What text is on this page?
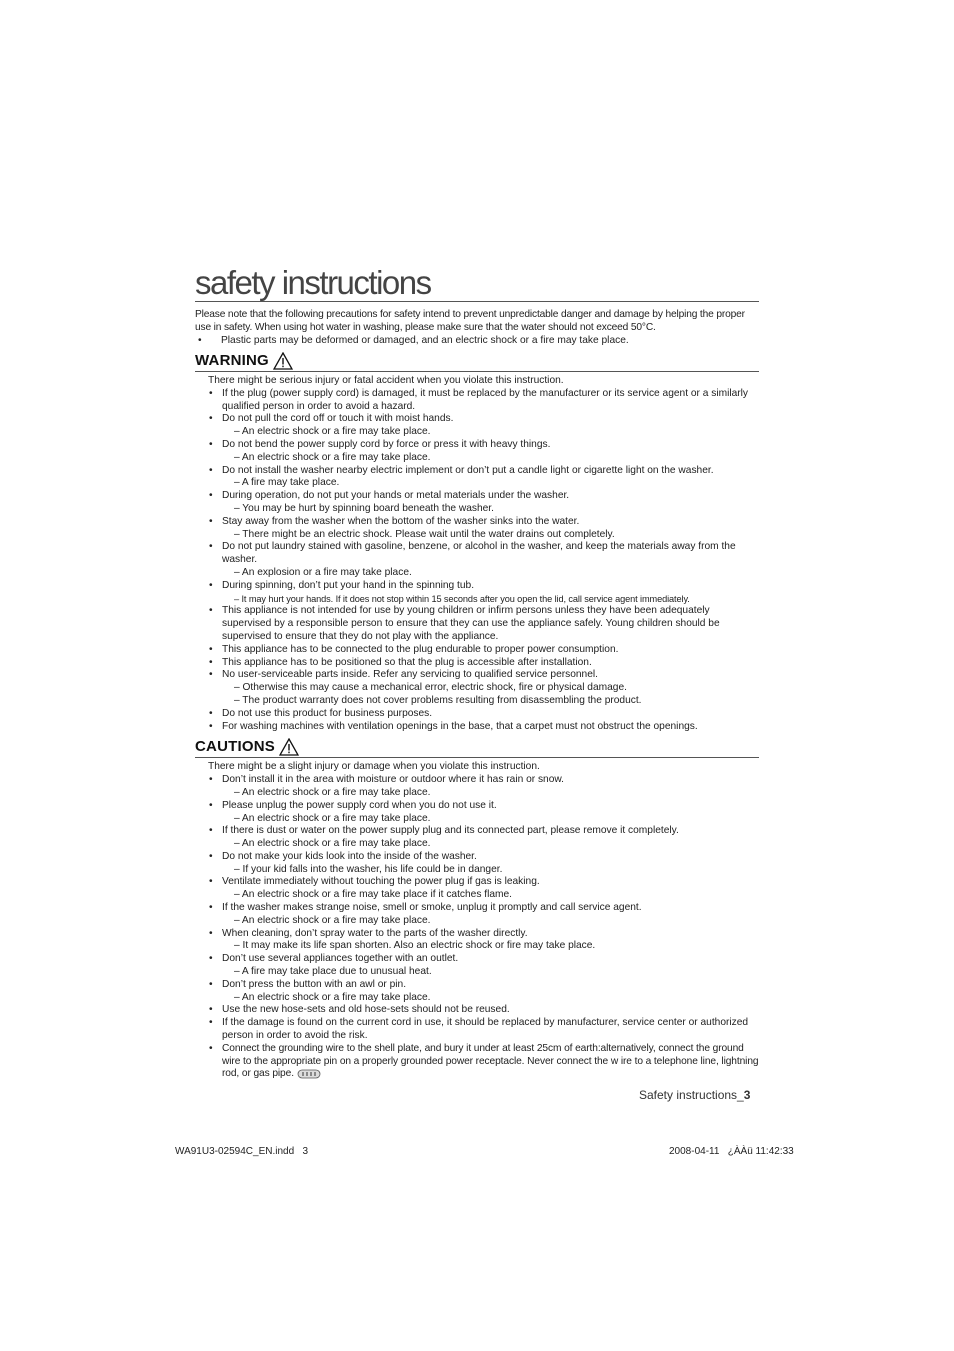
safety instructions
Please note that the following precautions for safety intend to prevent unpredictable danger and damage by helping the proper use in safety. When using hot water in washing, please make sure that the water should not exceed 50°C.
• Plastic parts may be deformed or damaged, and an electric shock or a fire may take place.
WARNING
There might be serious injury or fatal accident when you violate this instruction.
• If the plug (power supply cord) is damaged, it must be replaced by the manufacturer or its service agent or a similarly qualified person in order to avoid a hazard.
• Do not pull the cord off or touch it with moist hands.
– An electric shock or a fire may take place.
• Do not bend the power supply cord by force or press it with heavy things.
– An electric shock or a fire may take place.
• Do not install the washer nearby electric implement or don’t put a candle light or cigarette light on the washer.
– A fire may take place.
• During operation, do not put your hands or metal materials under the washer.
– You may be hurt by spinning board beneath the washer.
• Stay away from the washer when the bottom of the washer sinks into the water.
– There might be an electric shock. Please wait until the water drains out completely.
• Do not put laundry stained with gasoline, benzene, or alcohol in the washer, and keep the materials away from the washer.
– An explosion or a fire may take place.
• During spinning, don’t put your hand in the spinning tub.
– It may hurt your hands. If it does not stop within 15 seconds after you open the lid, call service agent immediately.
• This appliance is not intended for use by young children or infirm persons unless they have been adequately supervised by a responsible person to ensure that they can use the appliance safely. Young children should be supervised to ensure that they do not play with the appliance.
• This appliance has to be connected to the plug endurable to proper power consumption.
• This appliance has to be positioned so that the plug is accessible after installation.
• No user-serviceable parts inside. Refer any servicing to qualified service personnel.
– Otherwise this may cause a mechanical error, electric shock, fire or physical damage.
– The product warranty does not cover problems resulting from disassembling the product.
• Do not use this product for business purposes.
• For washing machines with ventilation openings in the base, that a carpet must not obstruct the openings.
CAUTIONS
There might be a slight injury or damage when you violate this instruction.
• Don’t install it in the area with moisture or outdoor where it has rain or snow.
– An electric shock or a fire may take place.
• Please unplug the power supply cord when you do not use it.
– An electric shock or a fire may take place.
• If there is dust or water on the power supply plug and its connected part, please remove it completely.
– An electric shock or a fire may take place.
• Do not make your kids look into the inside of the washer.
– If your kid falls into the washer, his life could be in danger.
• Ventilate immediately without touching the power plug if gas is leaking.
– An electric shock or a fire may take place if it catches flame.
• If the washer makes strange noise, smell or smoke, unplug it promptly and call service agent.
– An electric shock or a fire may take place.
• When cleaning, don’t spray water to the parts of the washer directly.
– It may make its life span shorten. Also an electric shock or fire may take place.
• Don’t use several appliances together with an outlet.
– A fire may take place due to unusual heat.
• Don’t press the button with an awl or pin.
– An electric shock or a fire may take place.
• Use the new hose-sets and old hose-sets should not be reused.
• If the damage is found on the current cord in use, it should be replaced by manufacturer, service center or authorized person in order to avoid the risk.
• Connect the grounding wire to the shell plate, and bury it under at least 25cm of earth:alternatively, connect the ground wire to the appropriate pin on a properly grounded power receptacle. Never connect the w ire to a telephone line, lightning rod, or gas pipe.
Safety instructions_3
WA91U3-02594C_EN.indd   3	2008-04-11   ¿ÀÀü 11:42:33
